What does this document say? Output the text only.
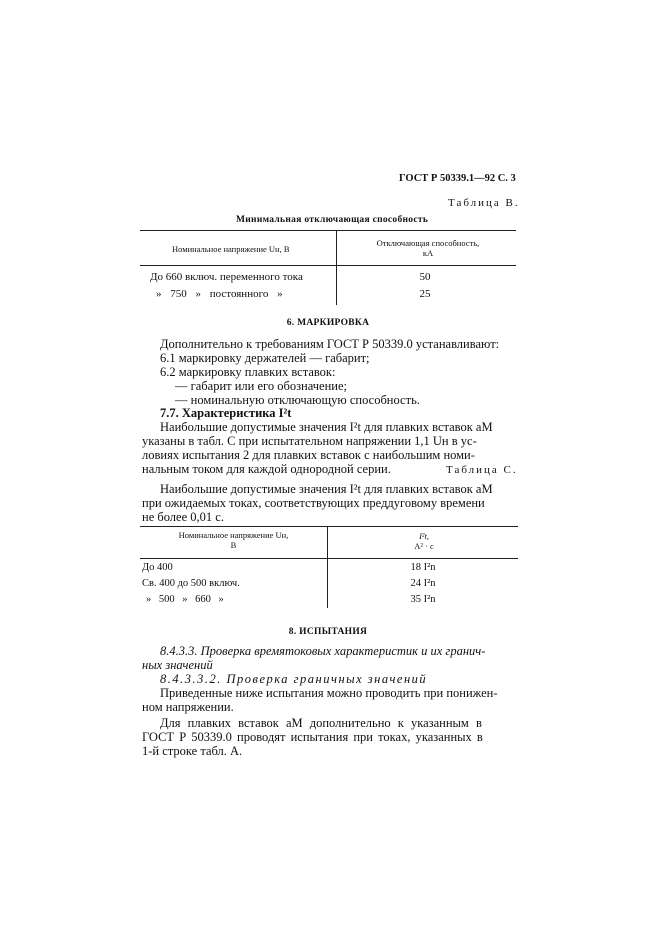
ГОСТ Р 50339.1—92 С. 3
Таблица В.
Минимальная отключающая способность
Номинальное напряжение Uн, В
Отключающая способность,
кА
До 660 включ. переменного тока	50
» 750 » постоянного »	25
6. МАРКИРОВКА
Дополнительно к требованиям ГОСТ Р 50339.0 устанавливают:
6.1 маркировку держателей — габарит;
6.2 маркировку плавких вставок:
— габарит или его обозначение;
— номинальную отключающую способность.
7.7. Характеристика I²t
Наибольшие допустимые значения I²t для плавких вставок aM
указаны в табл. С при испытательном напряжении 1,1 Uн в ус-
ловиях испытания 2 для плавких вставок с наибольшим номи-
нальным током для каждой однородной серии.	Таблица С.
Наибольшие допустимые значения I²t для плавких вставок aM
при ожидаемых токах, соответствующих преддуговому времени
не более 0,01 с.
Номинальное напряжение Uн,
В
I²t,
А² · с
До 400	18 I²n
Св. 400 до 500 включ.	24 I²n
» 500 » 660 »	35 I²n
8. ИСПЫТАНИЯ
8.4.3.3. Проверка времятоковых характеристик и их гранич-
ных значений
8.4.3.3.2. Проверка граничных значений
Приведенные ниже испытания можно проводить при понижен-
ном напряжении.
Для плавких вставок aM дополнительно к указанным в
ГОСТ Р 50339.0 проводят испытания при токах, указанных в
1-й строке табл. А.
